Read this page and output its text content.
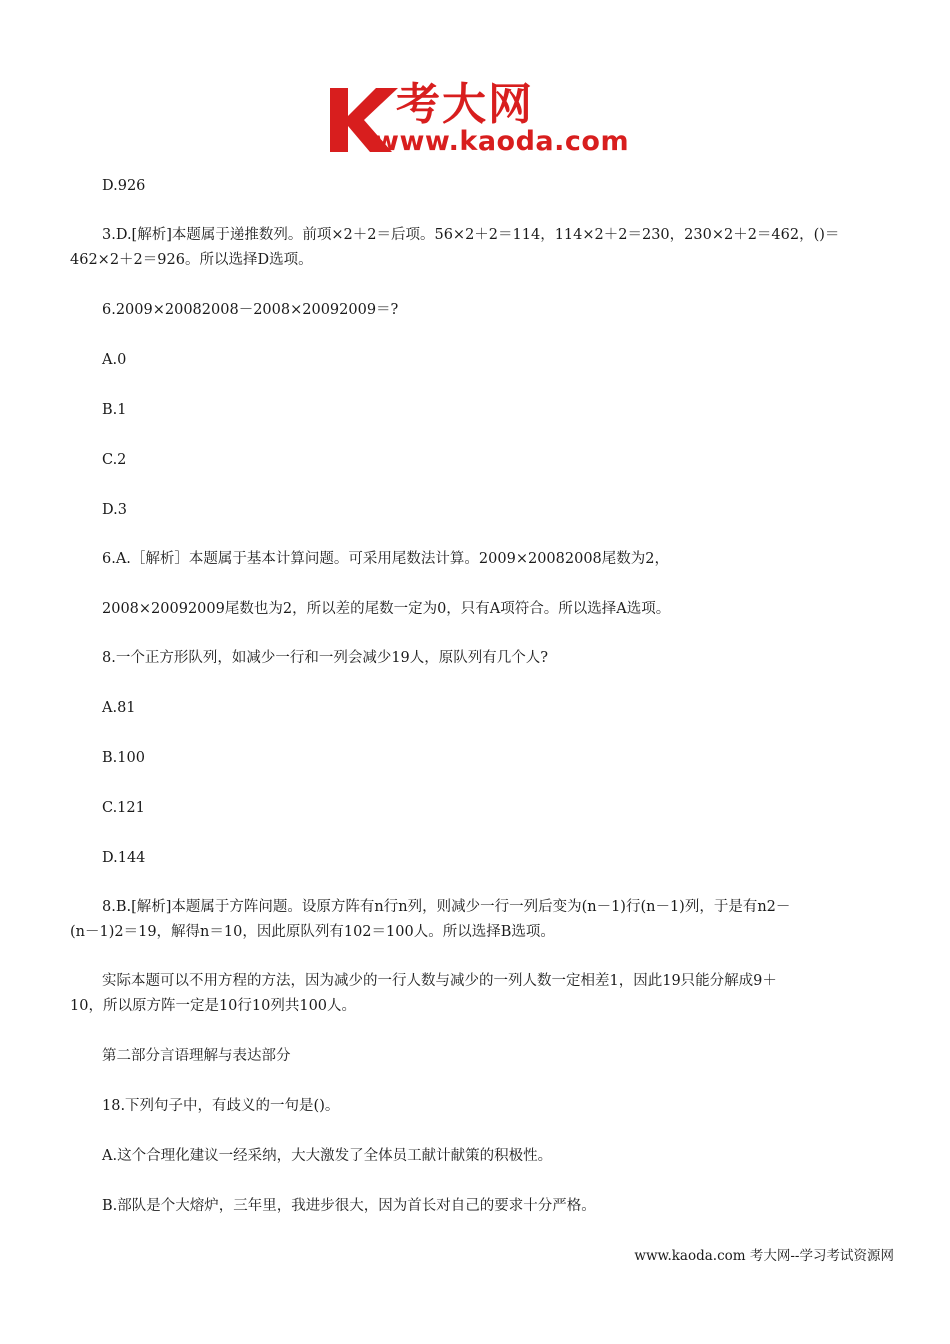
考大网
www.kaoda.com
D.926
3.D.[解析]本题属于递推数列。前项×2＋2＝后项。56×2＋2＝114，114×2＋2＝230，230×2＋2＝462，()＝
462×2＋2＝926。所以选择D选项。
6.2009×20082008－2008×20092009＝?
A.0
B.1
C.2
D.3
6.A.［解析］本题属于基本计算问题。可采用尾数法计算。2009×20082008尾数为2，
2008×20092009尾数也为2，所以差的尾数一定为0，只有A项符合。所以选择A选项。
8.一个正方形队列，如减少一行和一列会减少19人，原队列有几个人?
A.81
B.100
C.121
D.144
8.B.[解析]本题属于方阵问题。设原方阵有n行n列，则减少一行一列后变为(n－1)行(n－1)列，于是有n2－
(n－1)2＝19，解得n＝10，因此原队列有102＝100人。所以选择B选项。
实际本题可以不用方程的方法，因为减少的一行人数与减少的一列人数一定相差1，因此19只能分解成9＋
10，所以原方阵一定是10行10列共100人。
第二部分言语理解与表达部分
18.下列句子中，有歧义的一句是()。
A.这个合理化建议一经采纳，大大激发了全体员工献计献策的积极性。
B.部队是个大熔炉，三年里，我进步很大，因为首长对自己的要求十分严格。
www.kaoda.com 考大网--学习考试资源网
